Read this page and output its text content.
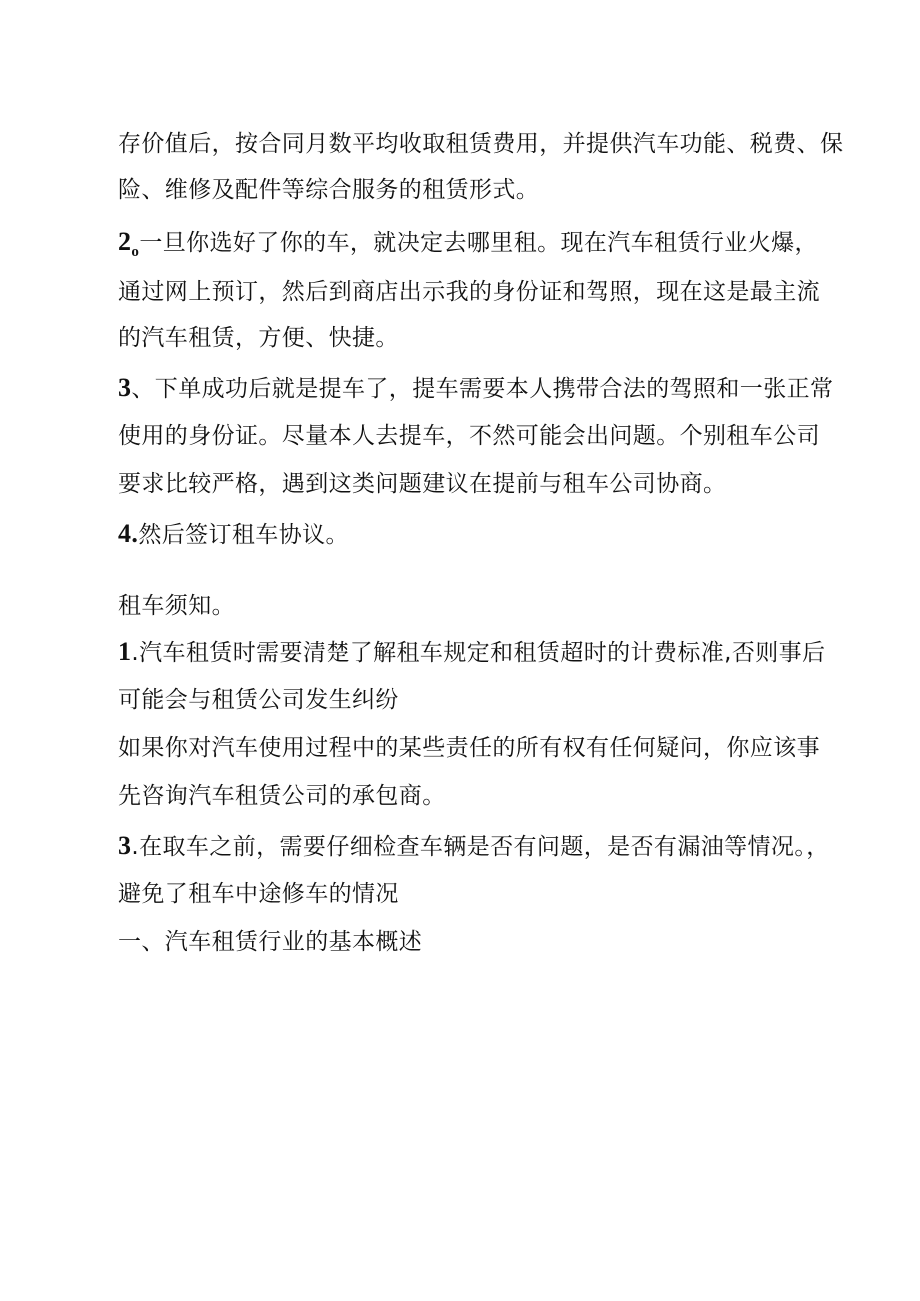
存价值后，按合同月数平均收取租赁费用，并提供汽车功能、税费、保
险、维修及配件等综合服务的租赁形式。
$2_o$一旦你选好了你的车，就决定去哪里租。现在汽车租赁行业火爆，
通过网上预订，然后到商店出示我的身份证和驾照，现在这是最主流
的汽车租赁，方便、快捷。
3、下单成功后就是提车了，提车需要本人携带合法的驾照和一张正常
使用的身份证。尽量本人去提车，不然可能会出问题。个别租车公司
要求比较严格，遇到这类问题建议在提前与租车公司协商。
4.然后签订租车协议。
租车须知。
1.汽车租赁时需要清楚了解租车规定和租赁超时的计费标准,否则事后
可能会与租赁公司发生纠纷
如果你对汽车使用过程中的某些责任的所有权有任何疑问，你应该事
先咨询汽车租赁公司的承包商。
3.在取车之前，需要仔细检查车辆是否有问题，是否有漏油等情况。，
避免了租车中途修车的情况
一、汽车租赁行业的基本概述
